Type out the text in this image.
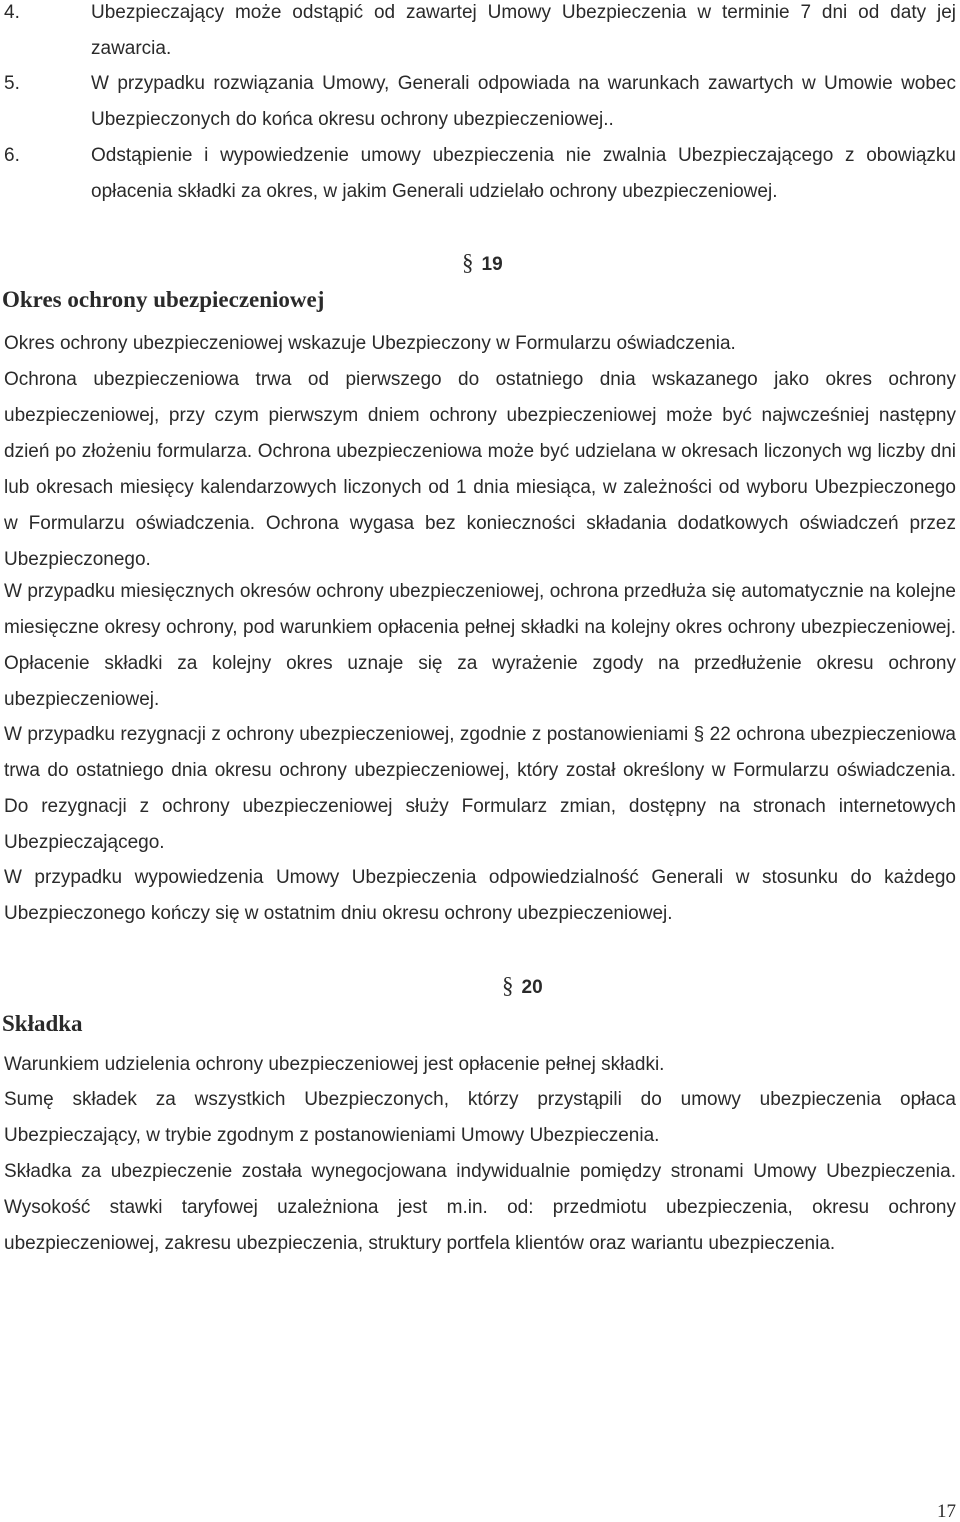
4.	Ubezpieczający może odstąpić od zawartej Umowy Ubezpieczenia w terminie 7 dni od daty jej zawarcia.

5.	W przypadku rozwiązania Umowy, Generali odpowiada na warunkach zawartych w Umowie wobec Ubezpieczonych do końca okresu ochrony ubezpieczeniowej..

6.	Odstąpienie i wypowiedzenie umowy ubezpieczenia nie zwalnia Ubezpieczającego z obowiązku opłacenia składki za okres, w jakim Generali udzielało ochrony ubezpieczeniowej.

§ 19
Okres ochrony ubezpieczeniowej

Okres ochrony ubezpieczeniowej wskazuje Ubezpieczony w Formularzu oświadczenia.

Ochrona ubezpieczeniowa trwa od pierwszego do ostatniego dnia wskazanego jako okres ochrony ubezpieczeniowej, przy czym pierwszym dniem ochrony ubezpieczeniowej może być najwcześniej następny dzień po złożeniu formularza. Ochrona ubezpieczeniowa może być udzielana w okresach liczonych wg liczby dni lub okresach miesięcy kalendarzowych liczonych od 1 dnia miesiąca, w zależności od wyboru Ubezpieczonego w Formularzu oświadczenia. Ochrona wygasa bez konieczności składania dodatkowych oświadczeń przez Ubezpieczonego.

W przypadku miesięcznych okresów ochrony ubezpieczeniowej, ochrona przedłuża się automatycznie na kolejne miesięczne okresy ochrony, pod warunkiem opłacenia pełnej składki na kolejny okres ochrony ubezpieczeniowej. Opłacenie składki za kolejny okres uznaje się za wyrażenie zgody na przedłużenie okresu ochrony ubezpieczeniowej.

W przypadku rezygnacji z ochrony ubezpieczeniowej, zgodnie z postanowieniami § 22 ochrona ubezpieczeniowa trwa do ostatniego dnia okresu ochrony ubezpieczeniowej, który został określony w Formularzu oświadczenia. Do rezygnacji z ochrony ubezpieczeniowej służy Formularz zmian, dostępny na stronach internetowych Ubezpieczającego.

W przypadku wypowiedzenia Umowy Ubezpieczenia odpowiedzialność Generali w stosunku do każdego Ubezpieczonego kończy się w ostatnim dniu okresu ochrony ubezpieczeniowej.

§ 20
Składka

Warunkiem udzielenia ochrony ubezpieczeniowej jest opłacenie pełnej składki.

Sumę składek za wszystkich Ubezpieczonych, którzy przystąpili do umowy ubezpieczenia opłaca Ubezpieczający, w trybie zgodnym z postanowieniami Umowy Ubezpieczenia.

Składka za ubezpieczenie została wynegocjowana indywidualnie pomiędzy stronami Umowy Ubezpieczenia. Wysokość stawki taryfowej uzależniona jest m.in. od: przedmiotu ubezpieczenia, okresu ochrony ubezpieczeniowej, zakresu ubezpieczenia, struktury portfela klientów oraz wariantu ubezpieczenia.

17
